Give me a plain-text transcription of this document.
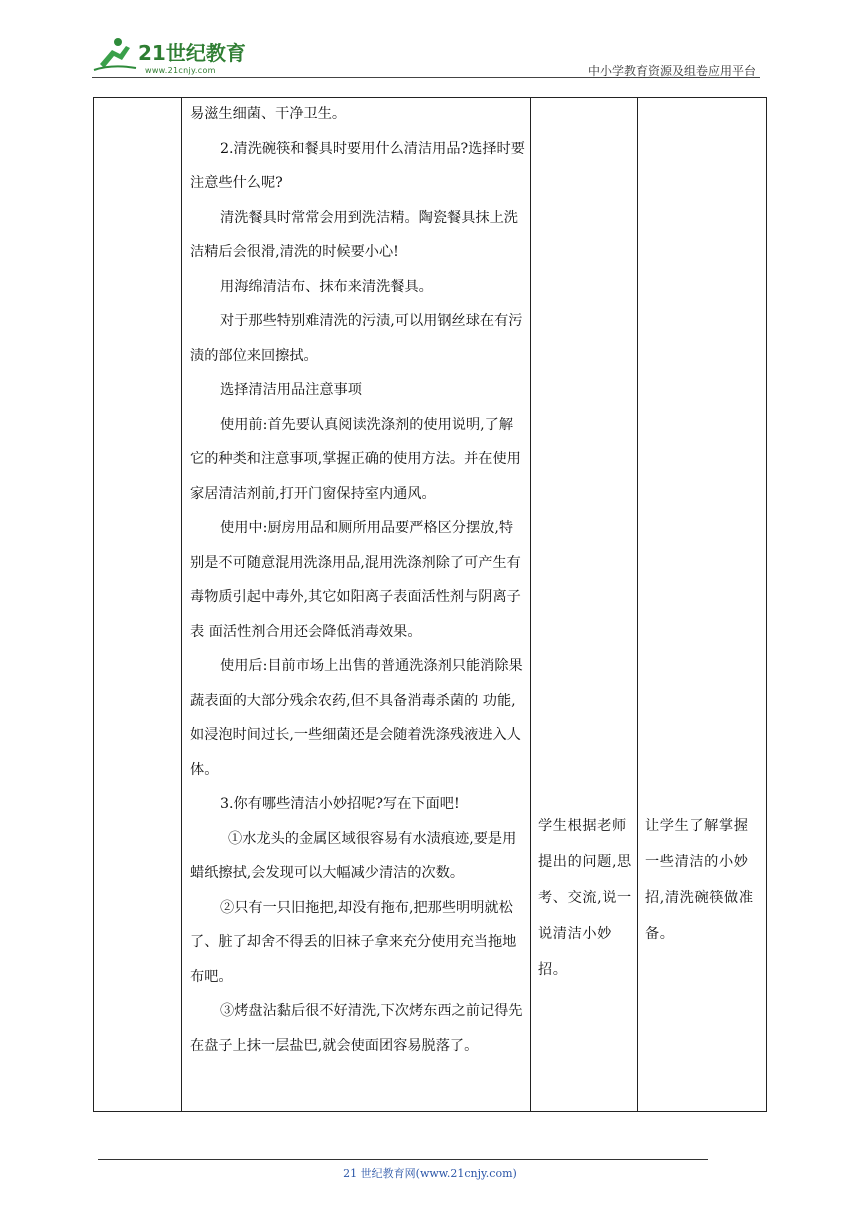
21世纪教育
www.21cnjy.com	中小学教育资源及组卷应用平台

易滋生细菌、干净卫生。

2.清洗碗筷和餐具时要用什么清洁用品?选择时要注意些什么呢?

清洗餐具时常常会用到洗洁精。陶瓷餐具抹上洗洁精后会很滑,清洗的时候要小心!

用海绵清洁布、抹布来清洗餐具。

对于那些特别难清洗的污渍,可以用钢丝球在有污渍的部位来回擦拭。

选择清洁用品注意事项

使用前:首先要认真阅读洗涤剂的使用说明,了解它的种类和注意事项,掌握正确的使用方法。并在使用家居清洁剂前,打开门窗保持室内通风。

使用中:厨房用品和厕所用品要严格区分摆放,特别是不可随意混用洗涤用品,混用洗涤剂除了可产生有毒物质引起中毒外,其它如阳离子表面活性剂与阴离子表 面活性剂合用还会降低消毒效果。

使用后:目前市场上出售的普通洗涤剂只能消除果蔬表面的大部分残余农药,但不具备消毒杀菌的 功能,如浸泡时间过长,一些细菌还是会随着洗涤残液进入人体。

3.你有哪些清洁小妙招呢?写在下面吧!

①水龙头的金属区域很容易有水渍痕迹,要是用蜡纸擦拭,会发现可以大幅减少清洁的次数。

②只有一只旧拖把,却没有拖布,把那些明明就松了、脏了却舍不得丢的旧袜子拿来充分使用充当拖地布吧。

③烤盘沾黏后很不好清洗,下次烤东西之前记得先在盘子上抹一层盐巴,就会使面团容易脱落了。

学生根据老师提出的问题,思考、交流,说一说清洁小妙招。

让学生了解掌握一些清洁的小妙招,清洗碗筷做准备。

21 世纪教育网(www.21cnjy.com)
